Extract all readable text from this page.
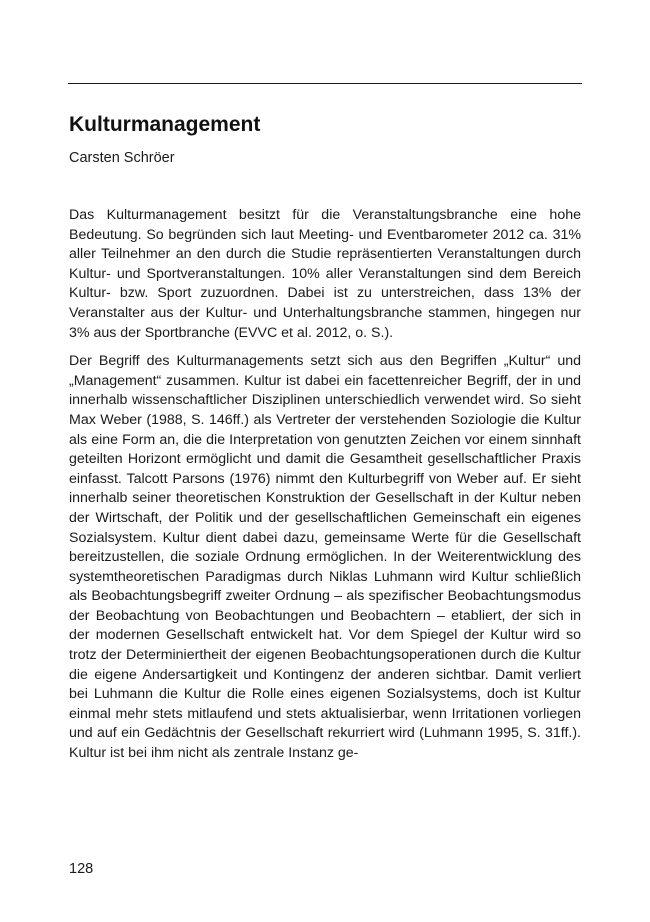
Kulturmanagement
Carsten Schröer

Das Kulturmanagement besitzt für die Veranstaltungsbranche eine hohe Bedeutung. So begründen sich laut Meeting- und Eventbarometer 2012 ca. 31% aller Teilnehmer an den durch die Studie repräsentierten Veranstaltungen durch Kultur- und Sportveranstaltungen. 10% aller Veranstaltungen sind dem Bereich Kultur- bzw. Sport zuzuordnen. Dabei ist zu unterstreichen, dass 13% der Veranstalter aus der Kultur- und Unterhaltungsbranche stammen, hingegen nur 3% aus der Sportbranche (EVVC et al. 2012, o. S.).

Der Begriff des Kulturmanagements setzt sich aus den Begriffen „Kultur“ und „Management“ zusammen. Kultur ist dabei ein facettenreicher Begriff, der in und innerhalb wissenschaftlicher Disziplinen unterschiedlich verwendet wird. So sieht Max Weber (1988, S. 146ff.) als Vertreter der verstehenden Soziologie die Kultur als eine Form an, die die Interpretation von genutzten Zeichen vor einem sinnhaft geteilten Horizont ermöglicht und damit die Gesamtheit gesellschaftlicher Praxis einfasst. Talcott Parsons (1976) nimmt den Kulturbegriff von Weber auf. Er sieht innerhalb seiner theoretischen Konstruktion der Gesellschaft in der Kultur neben der Wirtschaft, der Politik und der gesellschaftlichen Gemeinschaft ein eigenes Sozialsystem. Kultur dient dabei dazu, gemeinsame Werte für die Gesellschaft bereitzustellen, die soziale Ordnung ermöglichen. In der Weiterentwicklung des systemtheoretischen Paradigmas durch Niklas Luhmann wird Kultur schließlich als Beobachtungsbegriff zweiter Ordnung – als spezifischer Beobachtungsmodus der Beobachtung von Beobachtungen und Beobachtern – etabliert, der sich in der modernen Gesellschaft entwickelt hat. Vor dem Spiegel der Kultur wird so trotz der Determiniertheit der eigenen Beobachtungsoperationen durch die Kultur die eigene Andersartigkeit und Kontingenz der anderen sichtbar. Damit verliert bei Luhmann die Kultur die Rolle eines eigenen Sozialsystems, doch ist Kultur einmal mehr stets mitlaufend und stets aktualisierbar, wenn Irritationen vorliegen und auf ein Gedächtnis der Gesellschaft rekurriert wird (Luhmann 1995, S. 31ff.). Kultur ist bei ihm nicht als zentrale Instanz ge-

128
